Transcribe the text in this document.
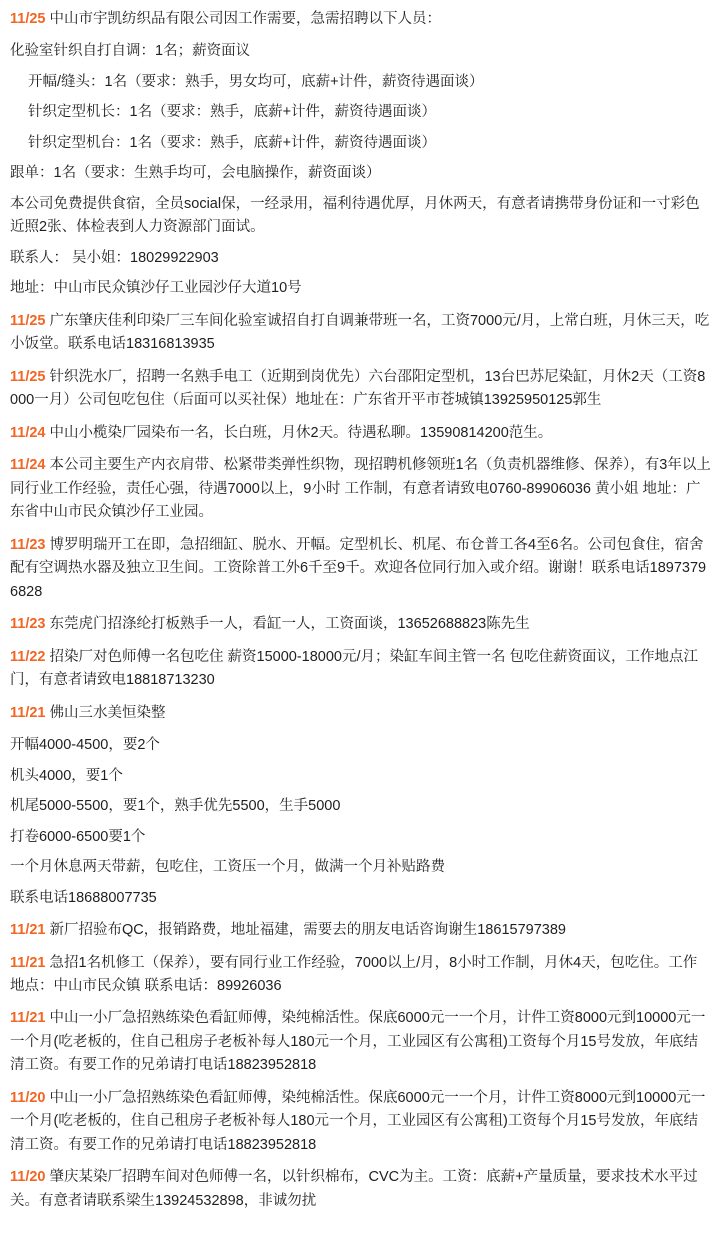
11/25 中山市宇凯纺织品有限公司因工作需要，急需招聘以下人员：

化验室针织自打自调：1名；薪资面议

开幅/缝头：1名（要求：熟手，男女均可，底薪+计件，薪资待遇面谈）

针织定型机长：1名（要求：熟手，底薪+计件，薪资待遇面谈）

针织定型机台：1名（要求：熟手，底薪+计件，薪资待遇面谈）

跟单：1名（要求：生熟手均可，会电脑操作，薪资面谈）

本公司免费提供食宿，全员social保，一经录用，福利待遇优厚，月休两天，有意者请携带身份证和一寸彩色近照2张、体检表到人力资源部门面试。

联系人： 吴小姐：18029922903

地址：中山市民众镇沙仔工业园沙仔大道10号

11/25 广东肇庆佳利印染厂三车间化验室诚招自打自调兼带班一名，工资7000元/月，上常白班，月休三天，吃小饭堂。联系电话18316813935

11/25 针织洗水厂，招聘一名熟手电工（近期到岗优先）六台邵阳定型机，13台巴苏尼染缸，月休2天（工资8000一月）公司包吃包住（后面可以买社保）地址在：广东省开平市苍城镇13925950125郭生

11/24 中山小榄染厂园染布一名，长白班，月休2天。待遇私聊。13590814200范生。

11/24 本公司主要生产内衣肩带、松紧带类弹性织物，现招聘机修领班1名（负责机器维修、保养），有3年以上同行业工作经验，责任心强，待遇7000以上，9小时 工作制，有意者请致电0760-89906036 黄小姐 地址：广东省中山市民众镇沙仔工业园。

11/23 博罗明瑞开工在即，急招细缸、脱水、开幅。定型机长、机尾、布仓普工各4至6名。公司包食住，宿舍配有空调热水器及独立卫生间。工资除普工外6千至9千。欢迎各位同行加入或介绍。谢谢！联系电话18973796828

11/23 东莞虎门招涤纶打板熟手一人，看缸一人，工资面谈，13652688823陈先生

11/22 招染厂对色师傅一名包吃住 薪资15000-18000元/月；染缸车间主管一名 包吃住薪资面议，工作地点江门，有意者请致电18818713230

11/21 佛山三水美恒染整

开幅4000-4500，要2个

机头4000，要1个

机尾5000-5500，要1个，熟手优先5500，生手5000

打卷6000-6500要1个

一个月休息两天带薪，包吃住，工资压一个月，做满一个月补贴路费

联系电话18688007735

11/21 新厂招验布QC，报销路费，地址福建，需要去的朋友电话咨询谢生18615797389

11/21 急招1名机修工（保养），要有同行业工作经验，7000以上/月，8小时工作制，月休4天，包吃住。工作地点：中山市民众镇 联系电话：89926036

11/21 中山一小厂急招熟练染色看缸师傅，染纯棉活性。保底6000元一一个月，计件工资8000元到10000元一一个月(吃老板的，住自己租房子老板补每人180元一个月，工业园区有公寓租)工资每个月15号发放，年底结清工资。有要工作的兄弟请打电话18823952818

11/20 中山一小厂急招熟练染色看缸师傅，染纯棉活性。保底6000元一一个月，计件工资8000元到10000元一一个月(吃老板的，住自己租房子老板补每人180元一个月，工业园区有公寓租)工资每个月15号发放，年底结清工资。有要工作的兄弟请打电话18823952818

11/20 肇庆某染厂招聘车间对色师傅一名，以针织棉布，CVC为主。工资：底薪+产量质量，要求技术水平过关。有意者请联系梁生13924532898，非诚勿扰
